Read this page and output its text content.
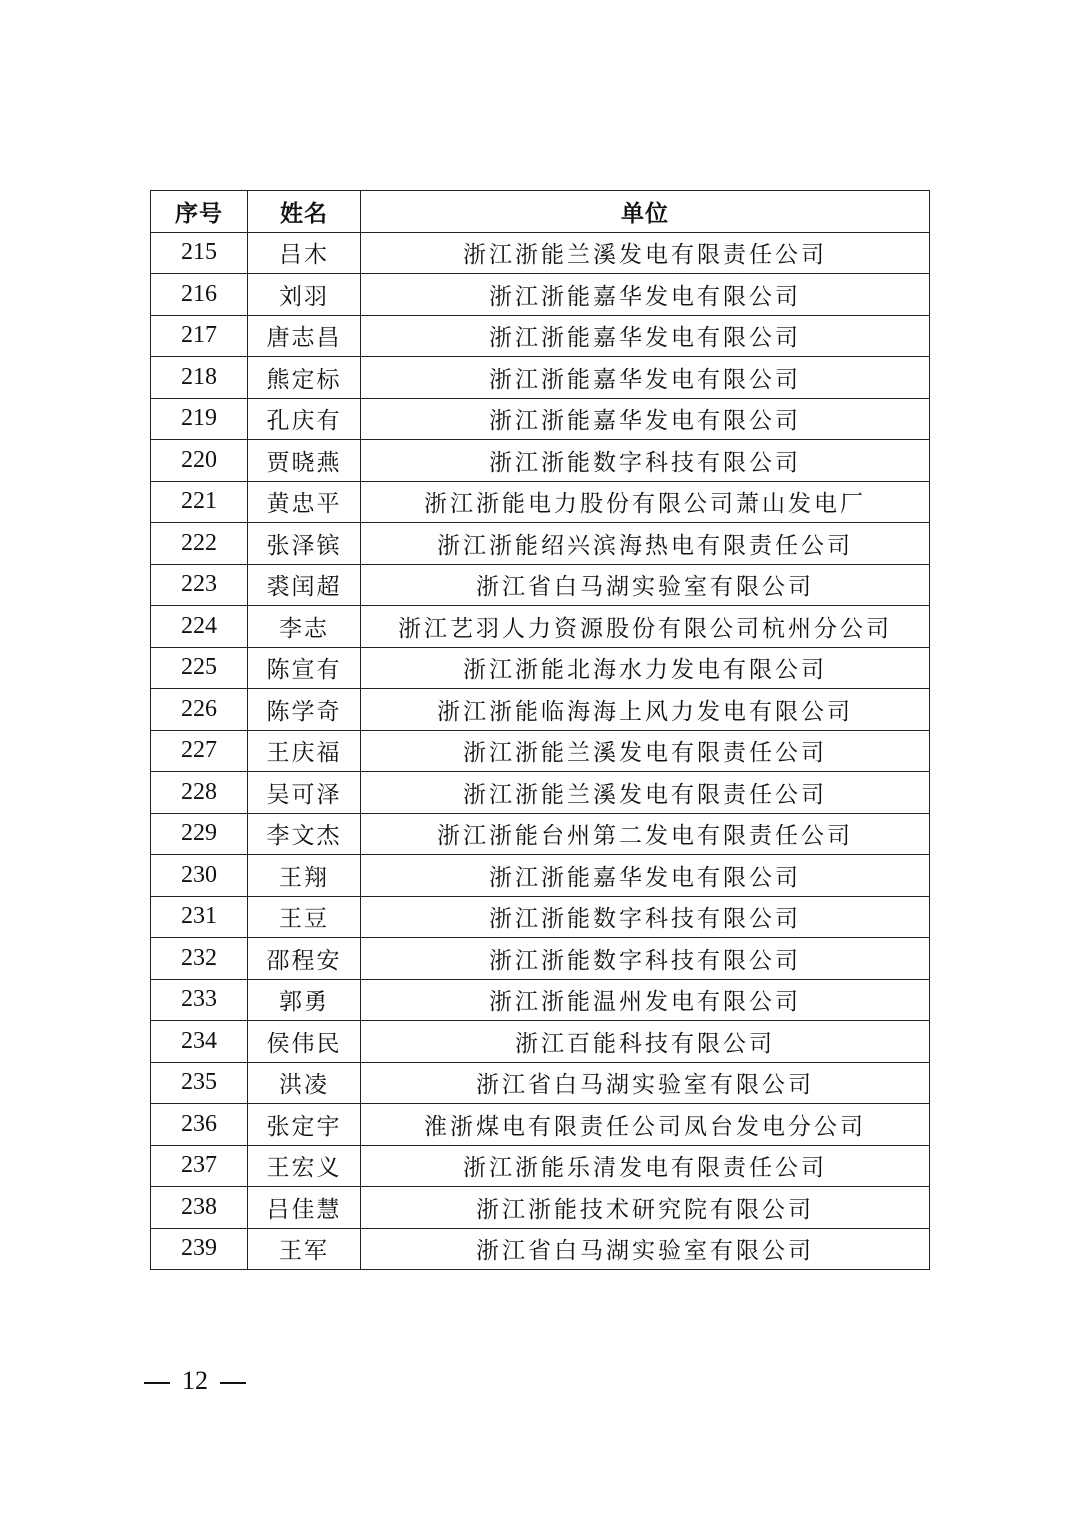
序号	姓名	单位
215	吕木	浙江浙能兰溪发电有限责任公司
216	刘羽	浙江浙能嘉华发电有限公司
217	唐志昌	浙江浙能嘉华发电有限公司
218	熊定标	浙江浙能嘉华发电有限公司
219	孔庆有	浙江浙能嘉华发电有限公司
220	贾晓燕	浙江浙能数字科技有限公司
221	黄忠平	浙江浙能电力股份有限公司萧山发电厂
222	张泽镔	浙江浙能绍兴滨海热电有限责任公司
223	裘闰超	浙江省白马湖实验室有限公司
224	李志	浙江艺羽人力资源股份有限公司杭州分公司
225	陈宣有	浙江浙能北海水力发电有限公司
226	陈学奇	浙江浙能临海海上风力发电有限公司
227	王庆福	浙江浙能兰溪发电有限责任公司
228	吴可泽	浙江浙能兰溪发电有限责任公司
229	李文杰	浙江浙能台州第二发电有限责任公司
230	王翔	浙江浙能嘉华发电有限公司
231	王豆	浙江浙能数字科技有限公司
232	邵程安	浙江浙能数字科技有限公司
233	郭勇	浙江浙能温州发电有限公司
234	侯伟民	浙江百能科技有限公司
235	洪凌	浙江省白马湖实验室有限公司
236	张定宇	淮浙煤电有限责任公司凤台发电分公司
237	王宏义	浙江浙能乐清发电有限责任公司
238	吕佳慧	浙江浙能技术研究院有限公司
239	王军	浙江省白马湖实验室有限公司
12
